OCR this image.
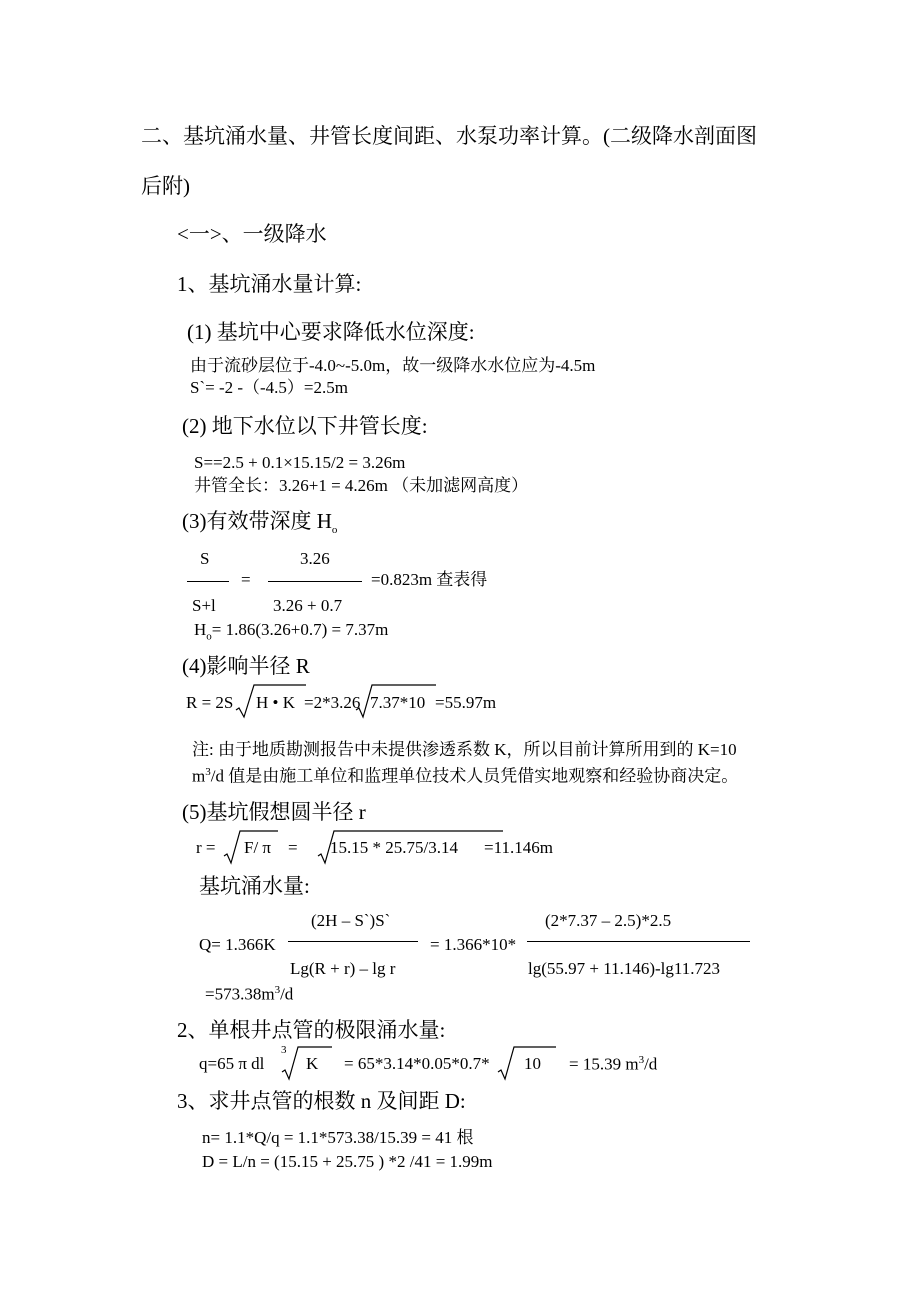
二、基坑涌水量、井管长度间距、水泵功率计算。(二级降水剖面图
后附)
<一>、一级降水
1、基坑涌水量计算:
(1) 基坑中心要求降低水位深度:
由于流砂层位于-4.0~-5.0m，故一级降水水位应为-4.5m
S`= -2 -（-4.5）=2.5m
(2) 地下水位以下井管长度:
S==2.5 + 0.1×15.15/2 = 3.26m
井管全长：3.26+1 = 4.26m （未加滤网高度）
(3)有效带深度 $H_o$
S
S+l
=
3.26
3.26 + 0.7
=0.823m 查表得
$H_o= 1.86(3.26+0.7) = 7.37m$
(4)影响半径 R
R = 2S H • K =2*3.26 7.37*10 =55.97m
注: 由于地质勘测报告中未提供渗透系数 K，所以目前计算所用到的 K=10
$m^3/d$ 值是由施工单位和监理单位技术人员凭借实地观察和经验协商决定。
(5)基坑假想圆半径 r
r = F/ π = 15.15 * 25.75/3.14 =11.146m
基坑涌水量:
(2H – S`)S`
Lg(R + r) – lg r
Q= 1.366K	= 1.366*10*
(2*7.37 – 2.5)*2.5
lg(55.97 + 11.146)-lg11.723
$=573.38m^3/d$
2、单根井点管的极限涌水量:
q=65 π dl
3
K = 65*3.14*0.05*0.7* 10 = 15.39 $m^3/d$
3、求井点管的根数 n 及间距 D:
n= 1.1*Q/q = 1.1*573.38/15.39 = 41 根
D = L/n = (15.15 + 25.75 ) *2 /41 = 1.99m
